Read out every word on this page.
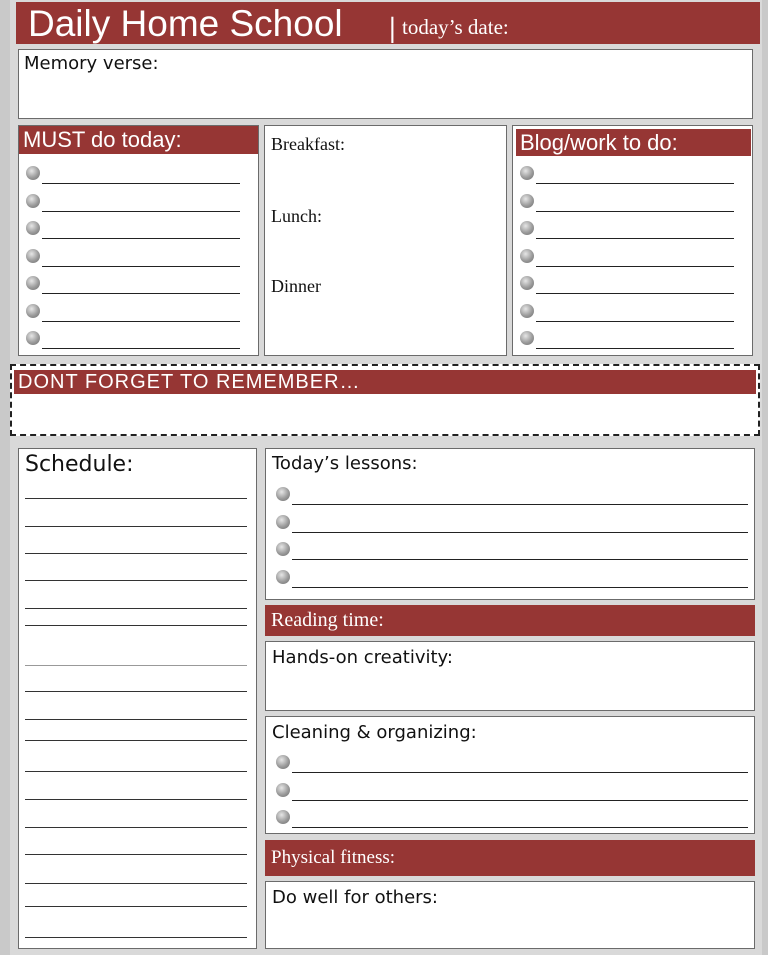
Daily Home School | today’s date:
Memory verse:
MUST do today:	Breakfast:
Lunch:
Dinner
Blog/work to do:
DONT FORGET TO REMEMBER…
Schedule:	Today’s lessons:
Reading time:
Hands-on creativity:
Cleaning & organizing:
Physical fitness:
Do well for others:
